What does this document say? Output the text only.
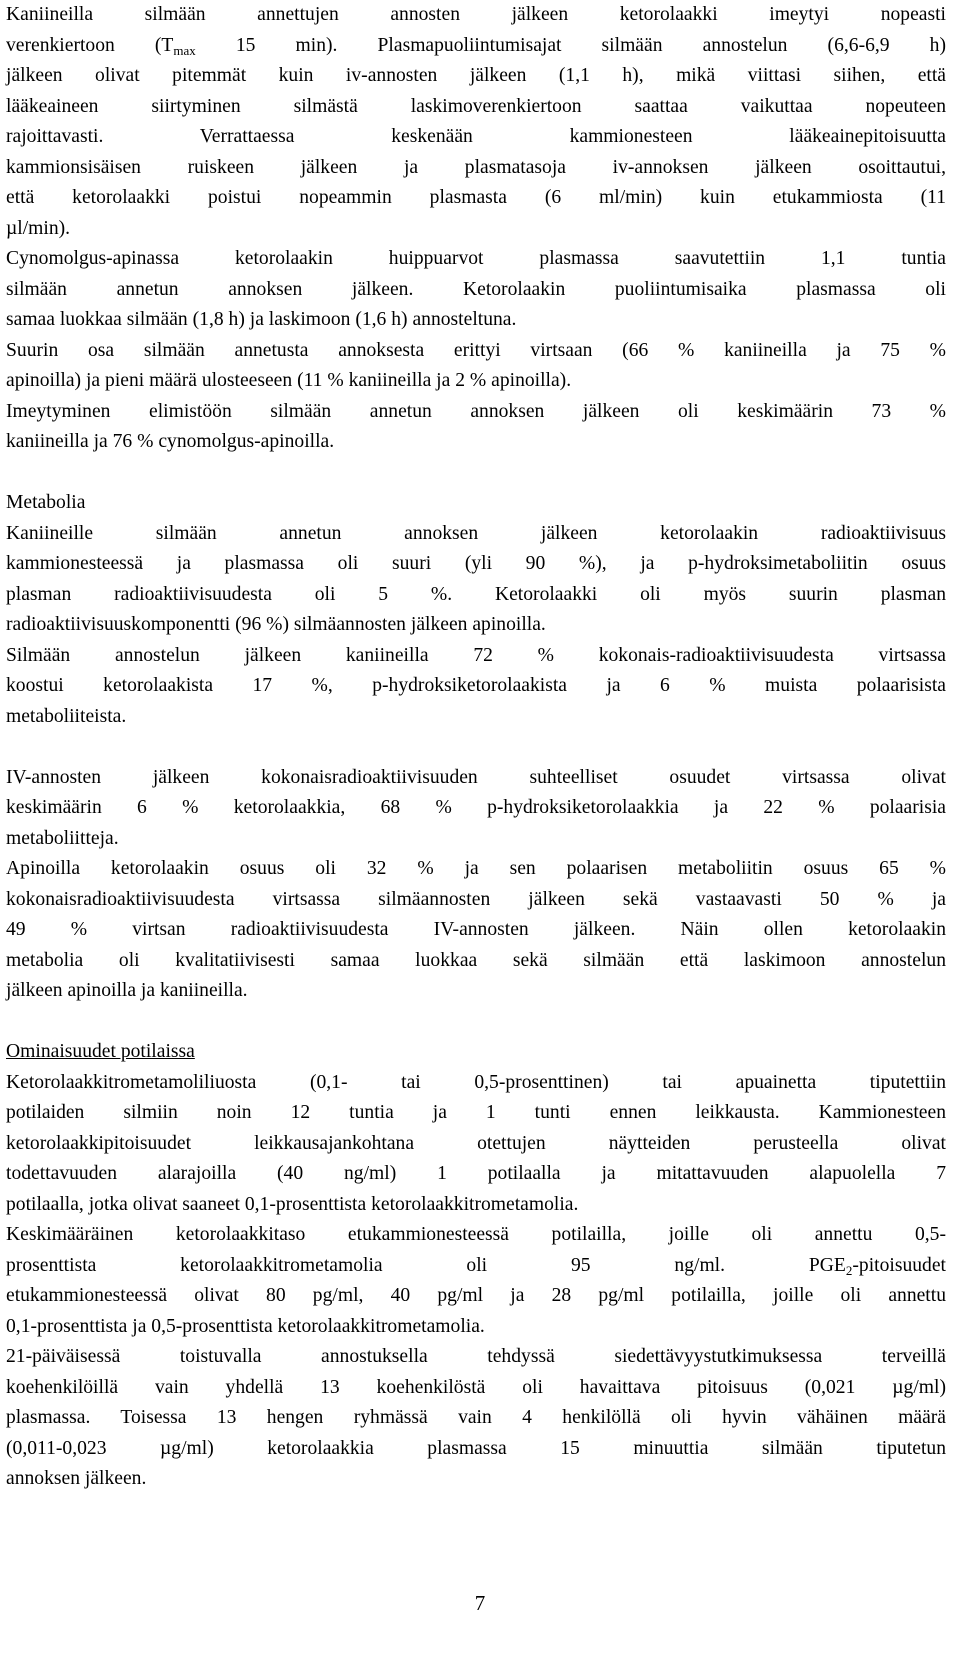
Kaniineilla silmään annettujen annosten jälkeen ketorolaakki imeytyi nopeasti
verenkiertoon ($T_{max}$ 15 min). Plasmapuoliintumisajat silmään annostelun (6,6-6,9 h)
jälkeen olivat pitemmät kuin iv-annosten jälkeen (1,1 h), mikä viittasi siihen, että
lääkeaineen siirtyminen silmästä laskimoverenkiertoon saattaa vaikuttaa nopeuteen
rajoittavasti. Verrattaessa keskenään kammionesteen lääkeainepitoisuutta
kammionsisäisen ruiskeen jälkeen ja plasmatasoja iv-annoksen jälkeen osoittautui,
että ketorolaakki poistui nopeammin plasmasta (6 ml/min) kuin etukammiosta (11
µl/min).
Cynomolgus-apinassa ketorolaakin huippuarvot plasmassa saavutettiin 1,1 tuntia
silmään annetun annoksen jälkeen. Ketorolaakin puoliintumisaika plasmassa oli
samaa luokkaa silmään (1,8 h) ja laskimoon (1,6 h) annosteltuna.
Suurin osa silmään annetusta annoksesta erittyi virtsaan (66 % kaniineilla ja 75 %
apinoilla) ja pieni määrä ulosteeseen (11 % kaniineilla ja 2 % apinoilla).
Imeytyminen elimistöön silmään annetun annoksen jälkeen oli keskimäärin 73 %
kaniineilla ja 76 % cynomolgus-apinoilla.
Metabolia
Kaniineille silmään annetun annoksen jälkeen ketorolaakin radioaktiivisuus
kammionesteessä ja plasmassa oli suuri (yli 90 %), ja p-hydroksimetaboliitin osuus
plasman radioaktiivisuudesta oli 5 %. Ketorolaakki oli myös suurin plasman
radioaktiivisuuskomponentti (96 %) silmäannosten jälkeen apinoilla.
Silmään annostelun jälkeen kaniineilla 72 % kokonais-radioaktiivisuudesta virtsassa
koostui ketorolaakista 17 %, p-hydroksiketorolaakista ja 6 % muista polaarisista
metaboliiteista.
IV-annosten jälkeen kokonaisradioaktiivisuuden suhteelliset osuudet virtsassa olivat
keskimäärin 6 % ketorolaakkia, 68 % p-hydroksiketorolaakkia ja 22 % polaarisia
metaboliitteja.
Apinoilla ketorolaakin osuus oli 32 % ja sen polaarisen metaboliitin osuus 65 %
kokonaisradioaktiivisuudesta virtsassa silmäannosten jälkeen sekä vastaavasti 50 % ja
49 % virtsan radioaktiivisuudesta IV-annosten jälkeen. Näin ollen ketorolaakin
metabolia oli kvalitatiivisesti samaa luokkaa sekä silmään että laskimoon annostelun
jälkeen apinoilla ja kaniineilla.
Ominaisuudet potilaissa
Ketorolaakkitrometamoliliuosta (0,1- tai 0,5-prosenttinen) tai apuainetta tiputettiin
potilaiden silmiin noin 12 tuntia ja 1 tunti ennen leikkausta. Kammionesteen
ketorolaakkipitoisuudet leikkausajankohtana otettujen näytteiden perusteella olivat
todettavuuden alarajoilla (40 ng/ml) 1 potilaalla ja mitattavuuden alapuolella 7
potilaalla, jotka olivat saaneet 0,1-prosenttista ketorolaakkitrometamolia.
Keskimääräinen ketorolaakkitaso etukammionesteessä potilailla, joille oli annettu 0,5-
prosenttista ketorolaakkitrometamolia oli 95 ng/ml. $PGE_2$-pitoisuudet
etukammionesteessä olivat 80 pg/ml, 40 pg/ml ja 28 pg/ml potilailla, joille oli annettu
0,1-prosenttista ja 0,5-prosenttista ketorolaakkitrometamolia.
21-päiväisessä toistuvalla annostuksella tehdyssä siedettävyystutkimuksessa terveillä
koehenkilöillä vain yhdellä 13 koehenkilöstä oli havaittava pitoisuus (0,021 µg/ml)
plasmassa. Toisessa 13 hengen ryhmässä vain 4 henkilöllä oli hyvin vähäinen määrä
(0,011-0,023 µg/ml) ketorolaakkia plasmassa 15 minuuttia silmään tiputetun
annoksen jälkeen.
7
